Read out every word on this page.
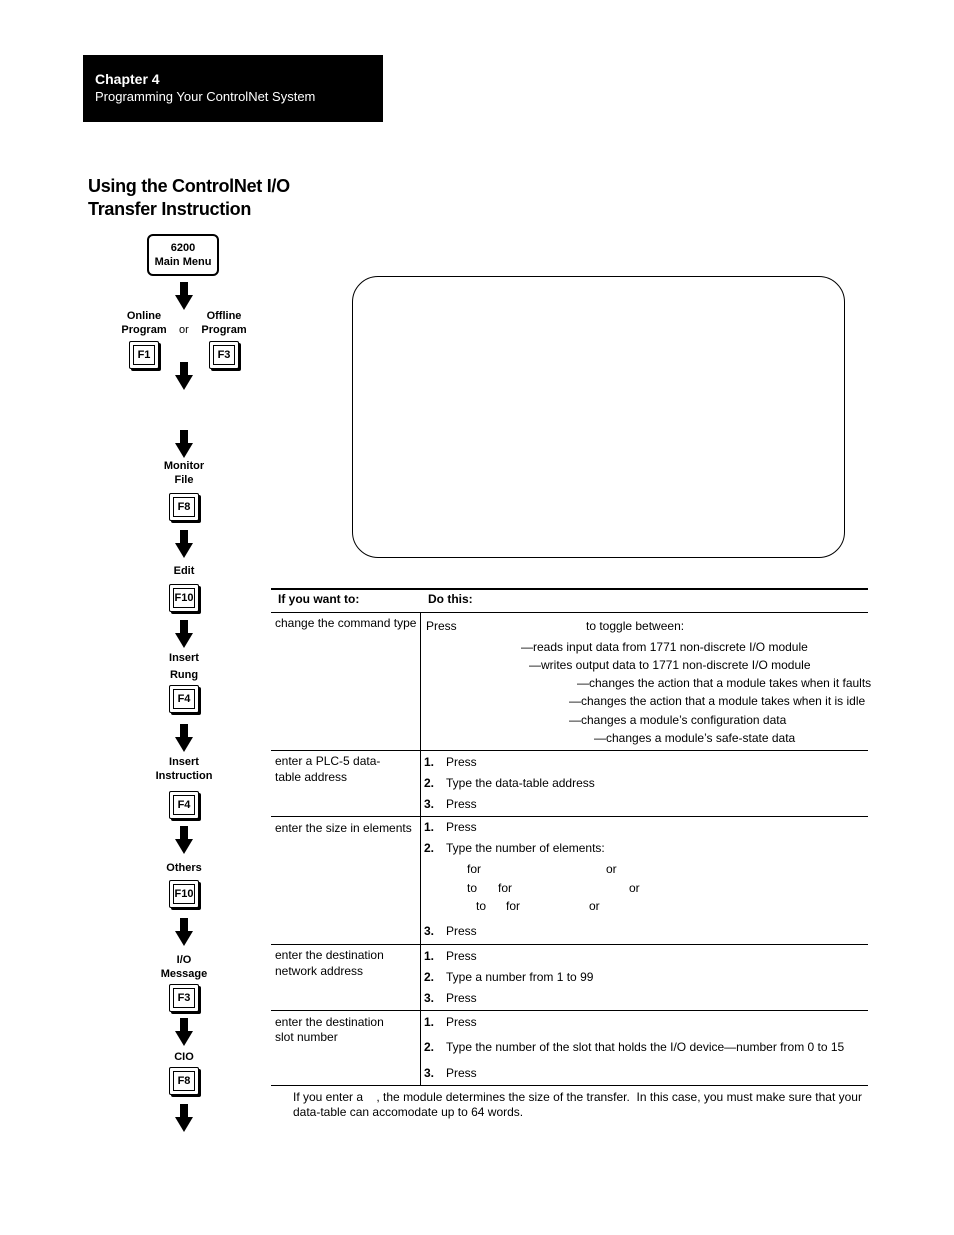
Chapter 4
Programming Your ControlNet System
Using the ControlNet I/O
Transfer Instruction
6200
Main Menu
Online
Program	or
Offline
Program
F1	F3
Monitor
File
F8
Edit
F10
Insert
Rung
F4
Insert
Instruction
F4
Others
F10
I/O
Message
F3
CIO
F8
If you want to:	Do this:
change the command type Press	to toggle between:
—reads input data from 1771 non-discrete I/O module
—writes output data to 1771 non-discrete I/O module
—changes the action that a module takes when it faults
—changes the action that a module takes when it is idle
—changes a module’s configuration data
—changes a module’s safe-state data
enter a PLC-5 data-
table address
1. Press
2. Type the data-table address
3. Press
enter the size in elements 1. Press
2. Type the number of elements:
for	or
to for	or
to for	or
3. Press
enter the destination
network address
1. Press
2. Type a number from 1 to 99
3. Press
enter the destination
slot number
1. Press
2. Type the number of the slot that holds the I/O device—number from 0 to 15
3. Press
If you enter a    , the module determines the size of the transfer.  In this case, you must make sure that your
data-table can accomodate up to 64 words.
